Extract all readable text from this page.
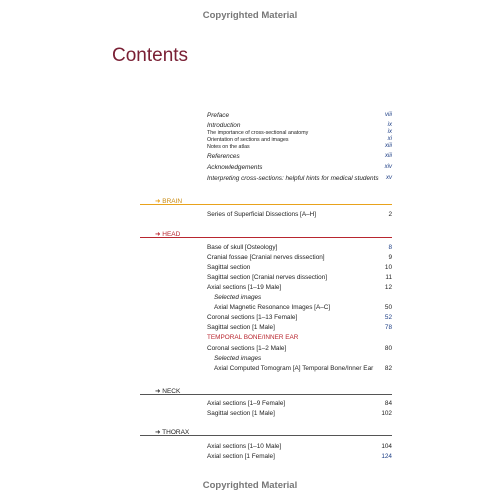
Copyrighted Material
Copyrighted Material
Contents
Preface	viii
Introduction	ix
The importance of cross-sectional anatomy	ix
Orientation of sections and images	xi
Notes on the atlas	xiii
References	xiii
Acknowledgements	xiv
Interpreting cross-sections: helpful hints for medical students	xv
➜ BRAIN
Series of Superficial Dissections [A–H]	2
➜ HEAD
Base of skull [Osteology]	8
Cranial fossae [Cranial nerves dissection]	9
Sagittal section	10
Sagittal section [Cranial nerves dissection]	11
Axial sections [1–19 Male]	12
Selected images
Axial Magnetic Resonance Images [A–C]	50
Coronal sections [1–13 Female]	52
Sagittal section [1 Male]	78
TEMPORAL BONE/INNER EAR
Coronal sections [1–2 Male]	80
Selected images
Axial Computed Tomogram [A] Temporal Bone/Inner Ear	82
➜ NECK
Axial sections [1–9 Female]	84
Sagittal section [1 Male]	102
➜ THORAX
Axial sections [1–10 Male]	104
Axial section [1 Female]	124
